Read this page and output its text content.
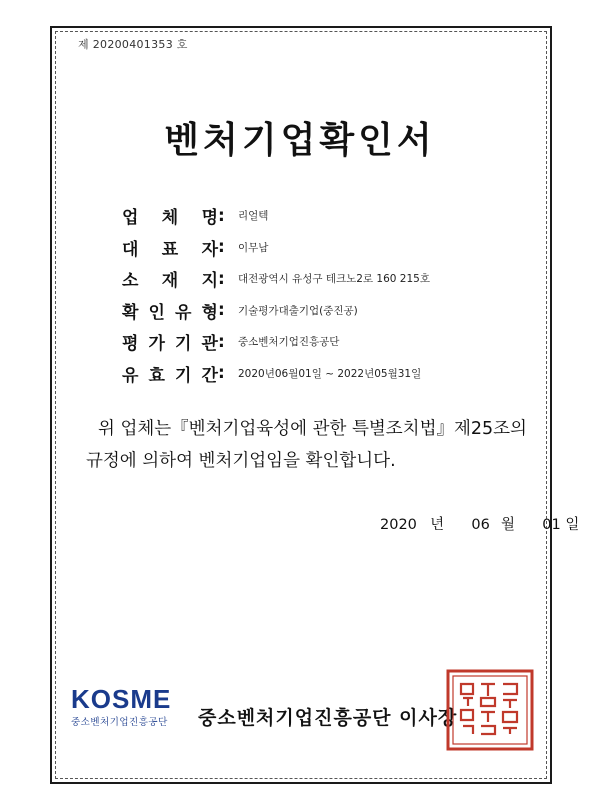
제 20200401353 호
벤처기업확인서
업 체 명 :	리얼텍
대 표 자 :	이무남
소 재 지 :	대전광역시 유성구 테크노2로 160 215호
확 인 유 형 :	기술평가대출기업(중진공)
평 가 기 관 :	중소벤처기업진흥공단
유 효 기 간 :	2020년06월01일 ~ 2022년05월31일
위 업체는『벤처기업육성에 관한 특별조치법』제25조의
규정에 의하여 벤처기업임을 확인합니다.
2020 년 06 월 01 일
KOSME
중소벤처기업진흥공단 중소벤처기업진흥공단 이사장
